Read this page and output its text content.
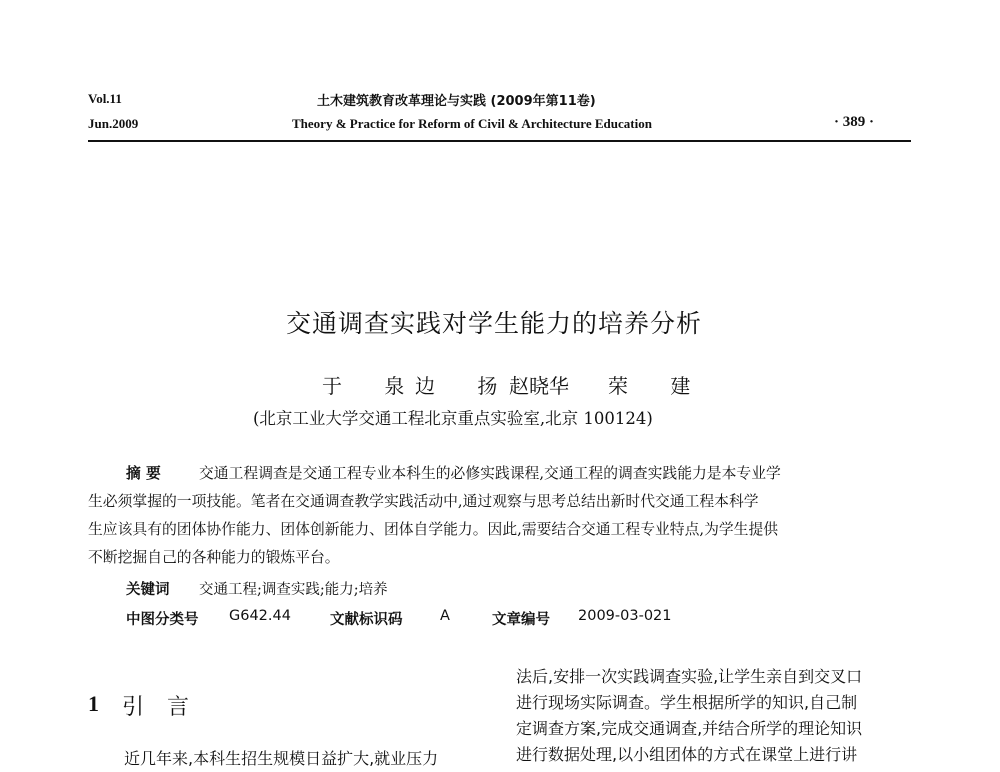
Vol.11
Jun.2009
土木建筑教育改革理论与实践 (2009年第11卷)
Theory & Practice for Reform of Civil & Architecture Education	· 389 ·
交通调查实践对学生能力的培养分析
于 泉
边 扬
赵晓华 荣 建
(北京工业大学交通工程北京重点实验室,北京 100124)
摘 要	交通工程调查是交通工程专业本科生的必修实践课程,交通工程的调查实践能力是本专业学
生必须掌握的一项技能。笔者在交通调查教学实践活动中,通过观察与思考总结出新时代交通工程本科学
生应该具有的团体协作能力、团体创新能力、团体自学能力。因此,需要结合交通工程专业特点,为学生提供
不断挖掘自己的各种能力的锻炼平台。
关键词 交通工程;调查实践;能力;培养
中图分类号 G642.44	文献标识码	A	文章编号 2009-03-021
1 引 言
近几年来,本科生招生规模日益扩大,就业压力
法后,安排一次实践调查实验,让学生亲自到交叉口
进行现场实际调查。学生根据所学的知识,自己制
定调查方案,完成交通调查,并结合所学的理论知识
进行数据处理,以小组团体的方式在课堂上进行讲
